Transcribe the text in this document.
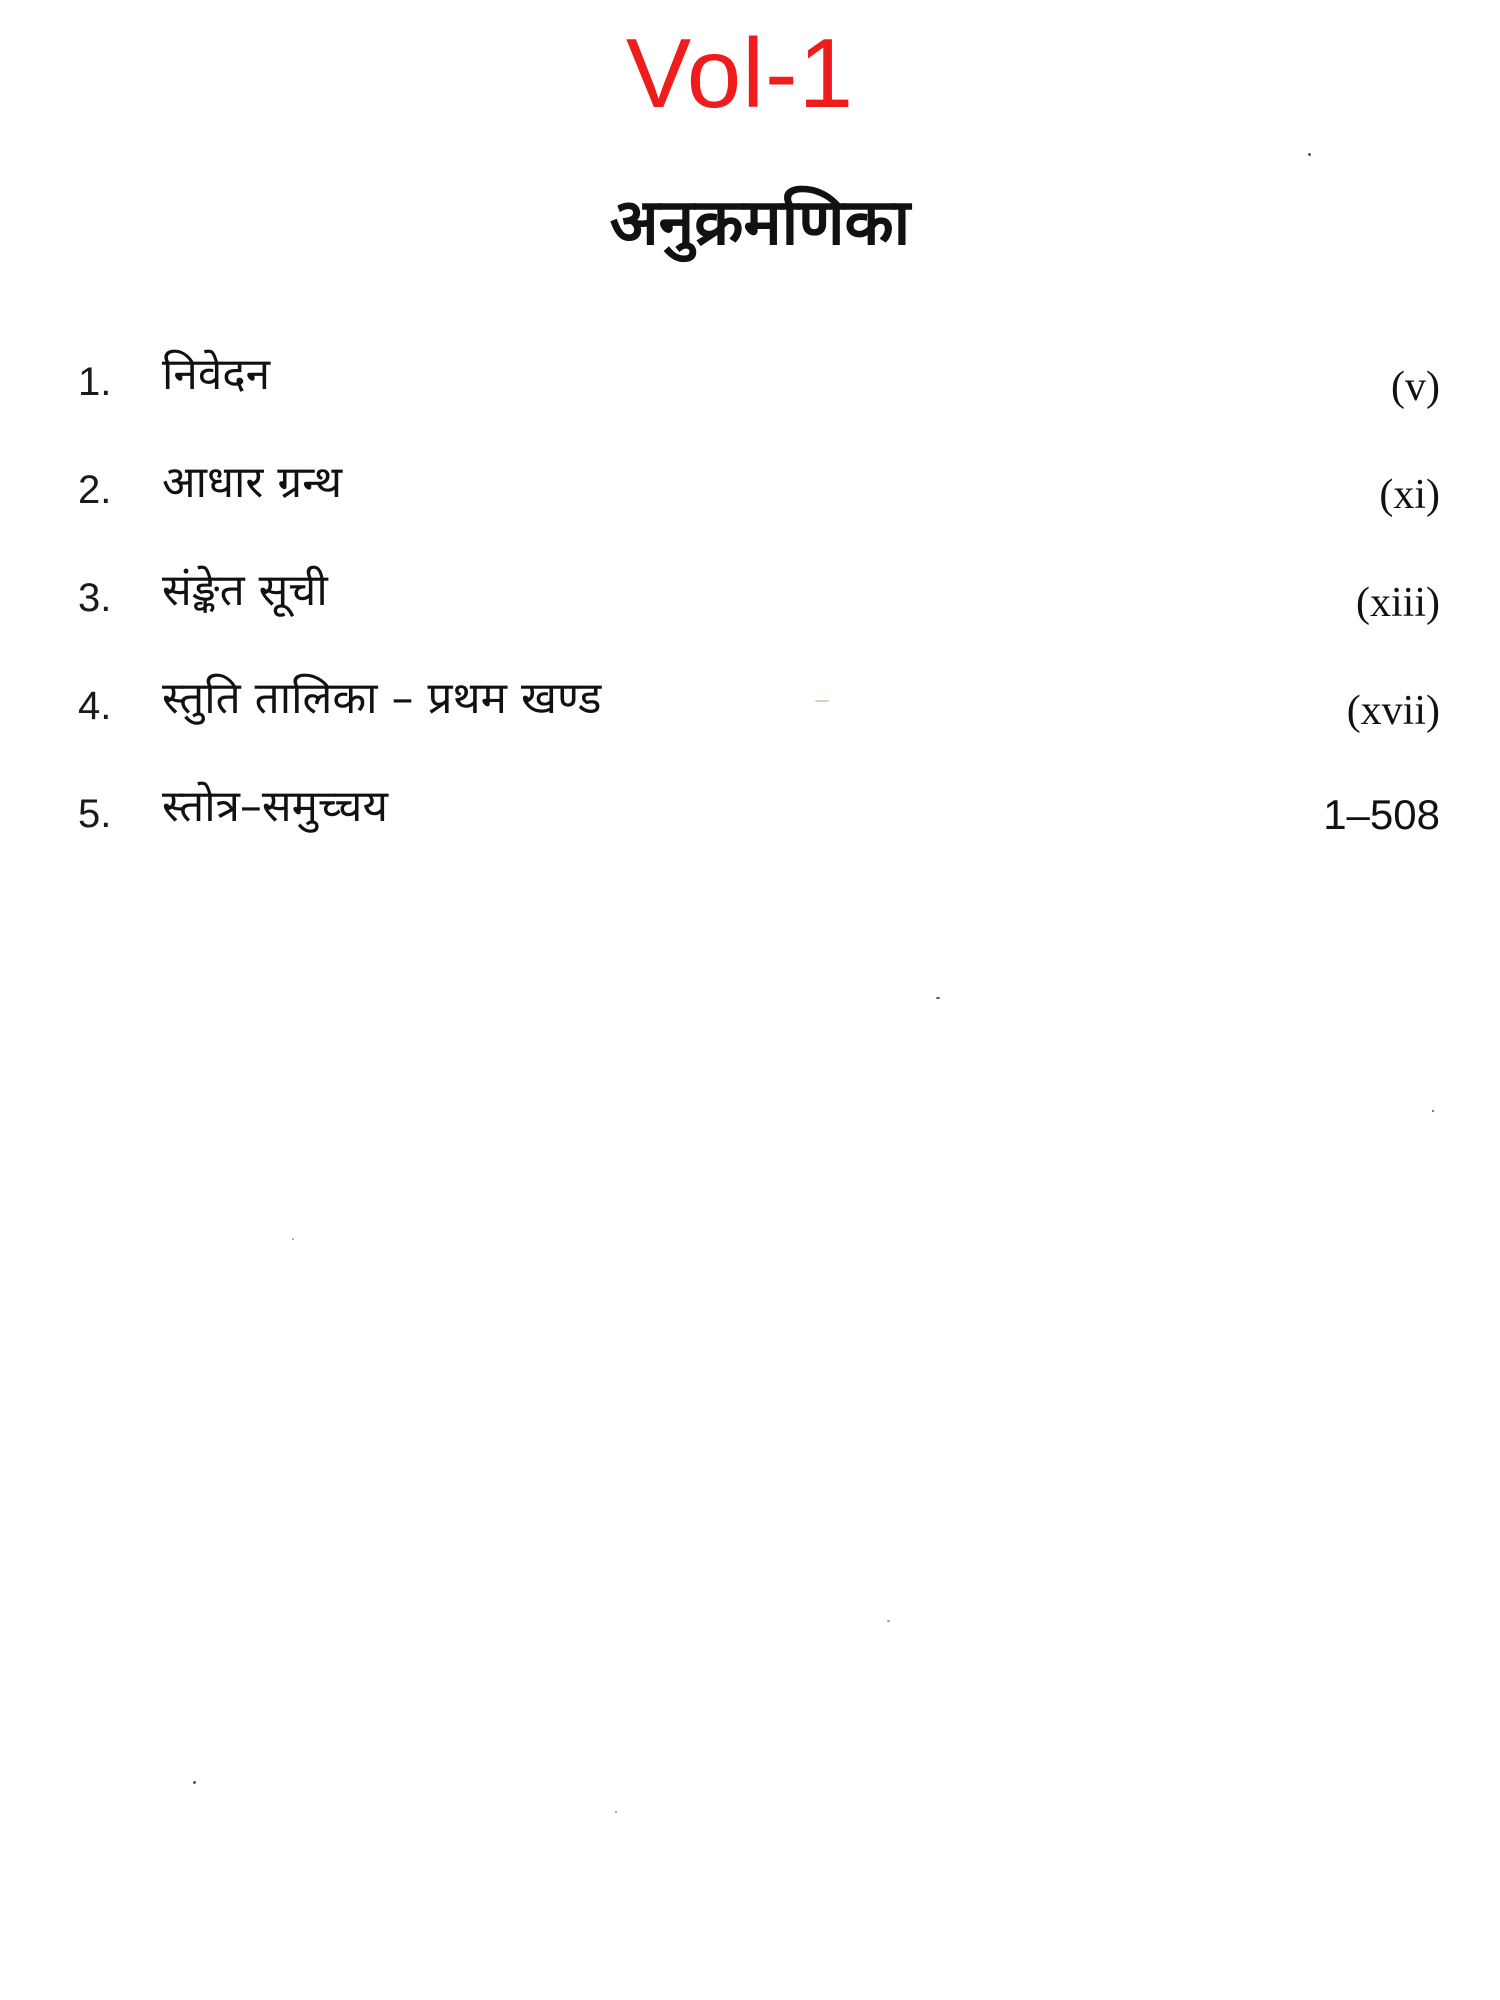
Vol-1
अनुक्रमणिका
1. निवेदन	(v)
2. आधार ग्रन्थ	(xi)
3. संङ्केत सूची	(xiii)
4. स्तुति तालिका – प्रथम खण्ड	(xvii)
5. स्तोत्र–समुच्चय	1–508
